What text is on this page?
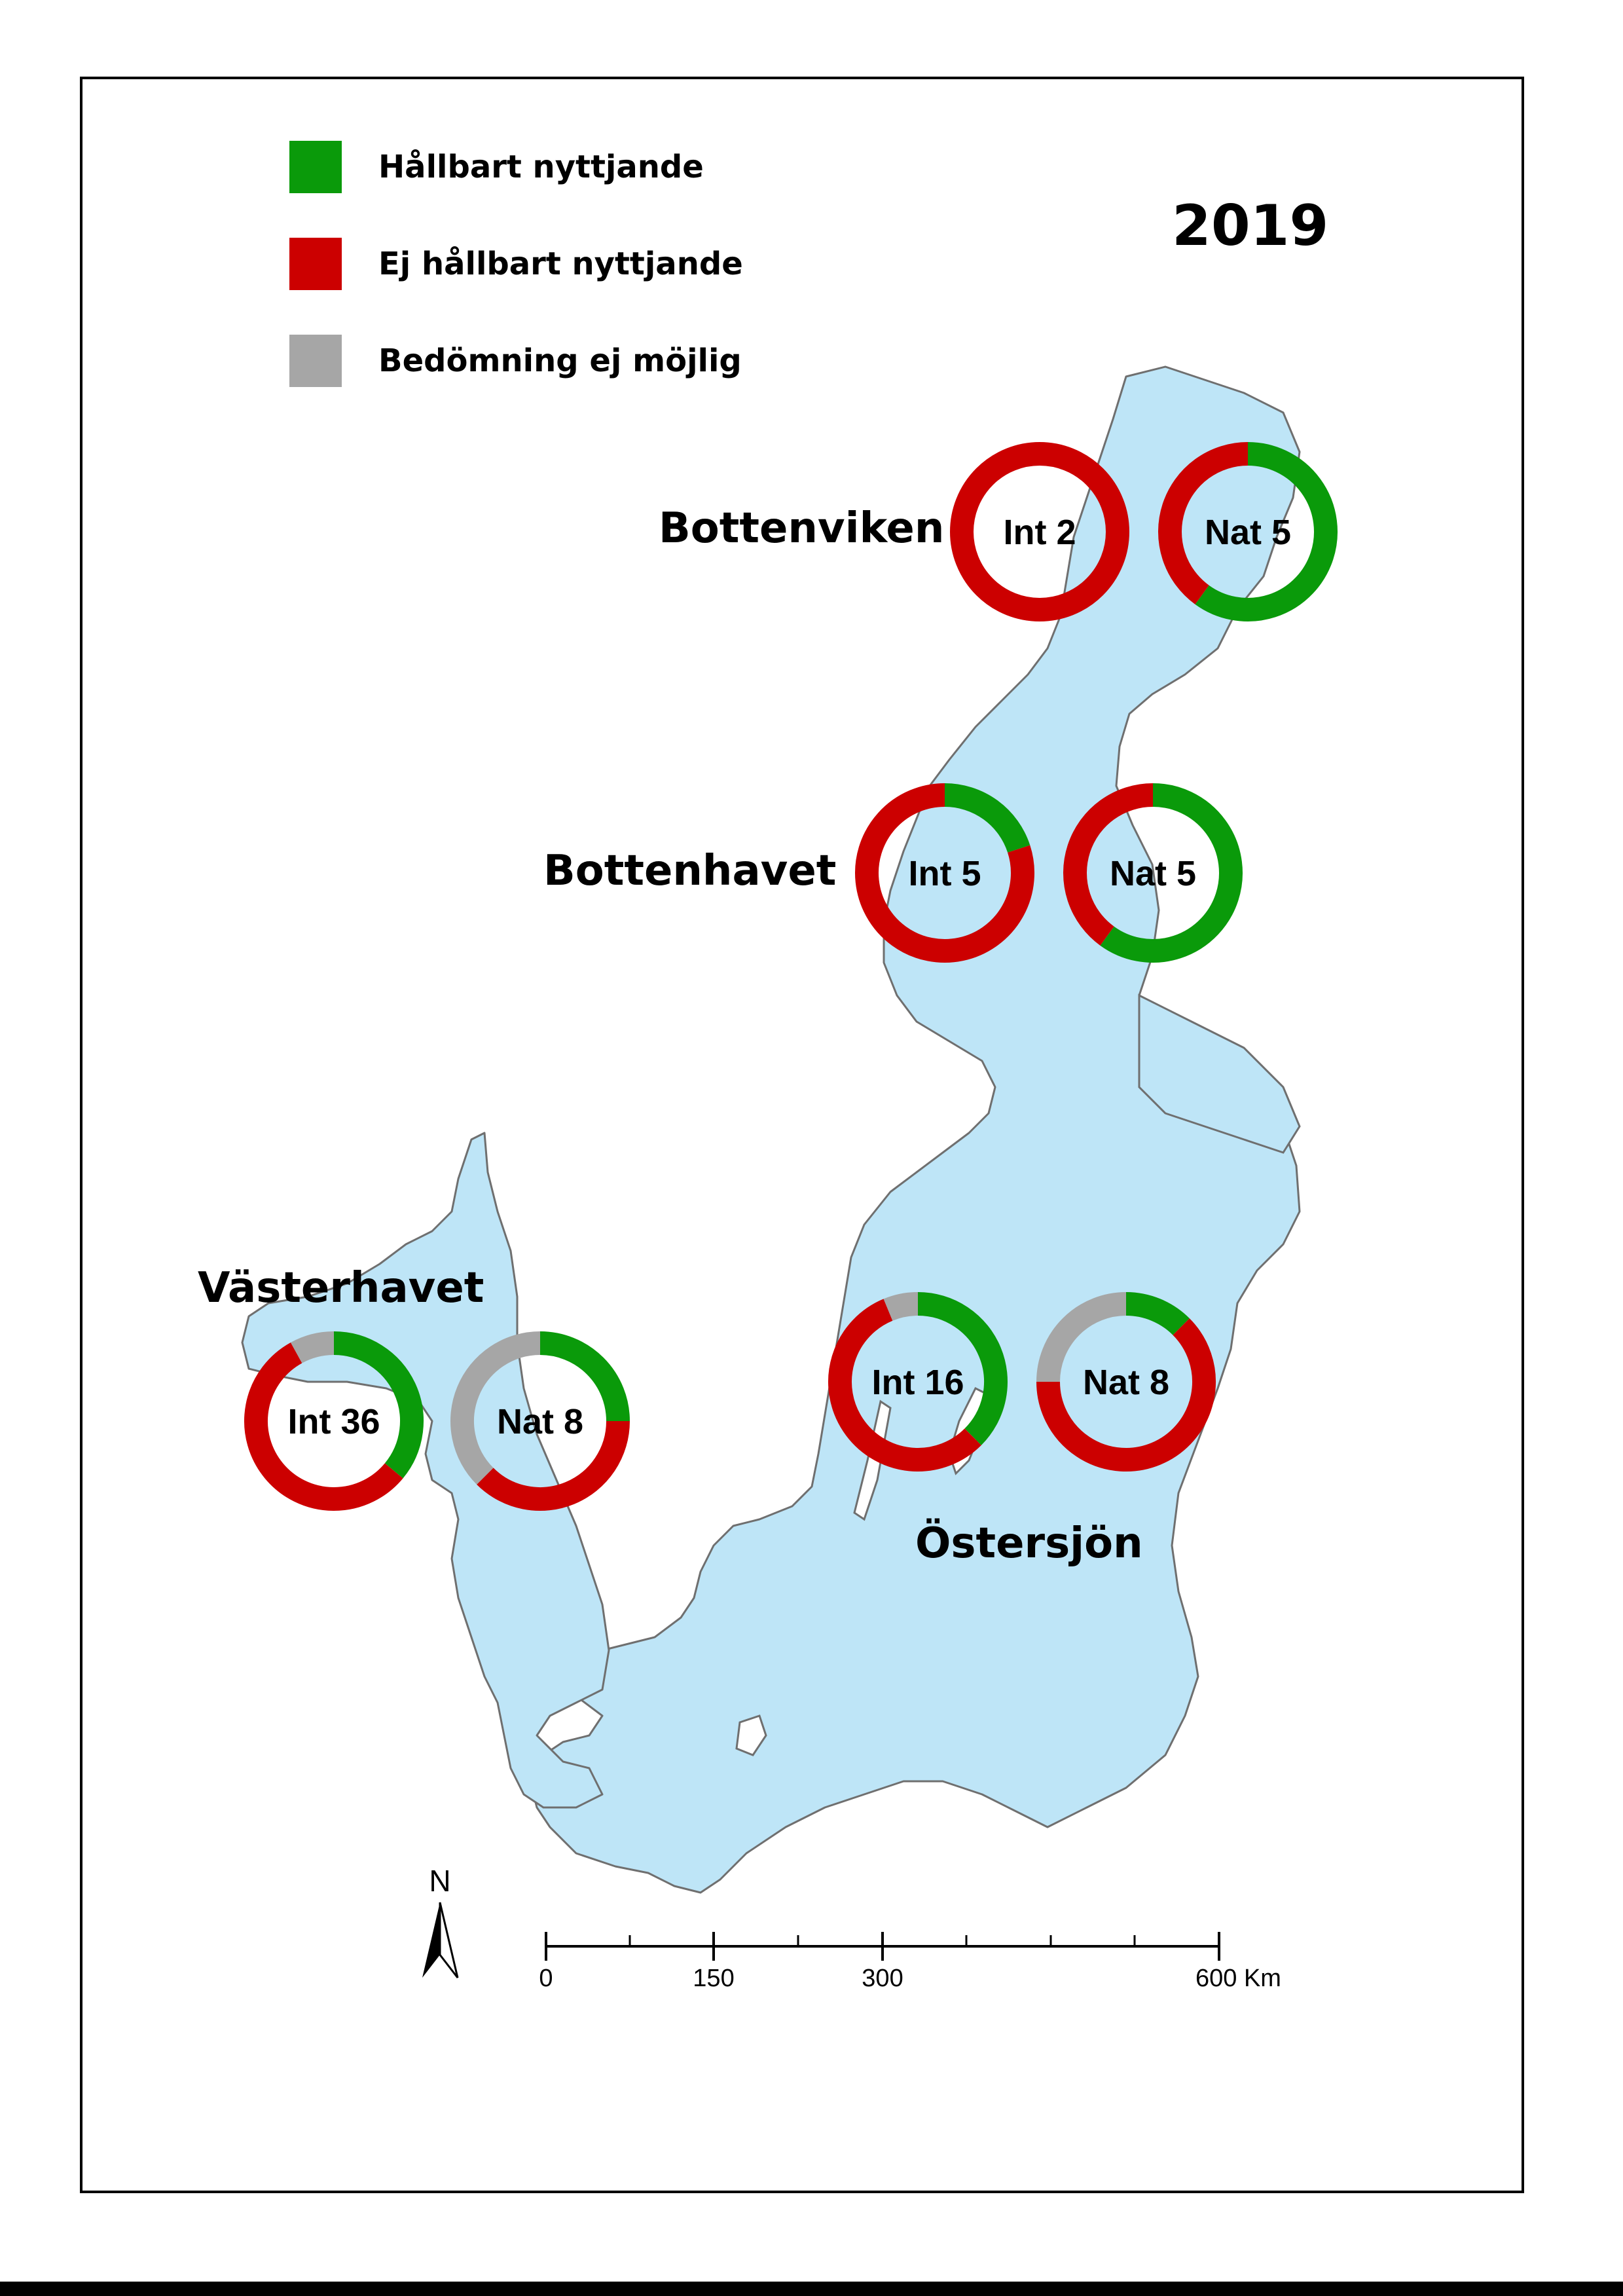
Int 2	Nat 5
Int 5	Nat 5
Int 36	Nat 8
Int 16	Nat 8
N
0	150	300	600 Km
Hållbart nyttjande
Ej hållbart nyttjande
Bedömning ej möjlig
2019
Bottenviken
Bottenhavet
Västerhavet
Östersjön
